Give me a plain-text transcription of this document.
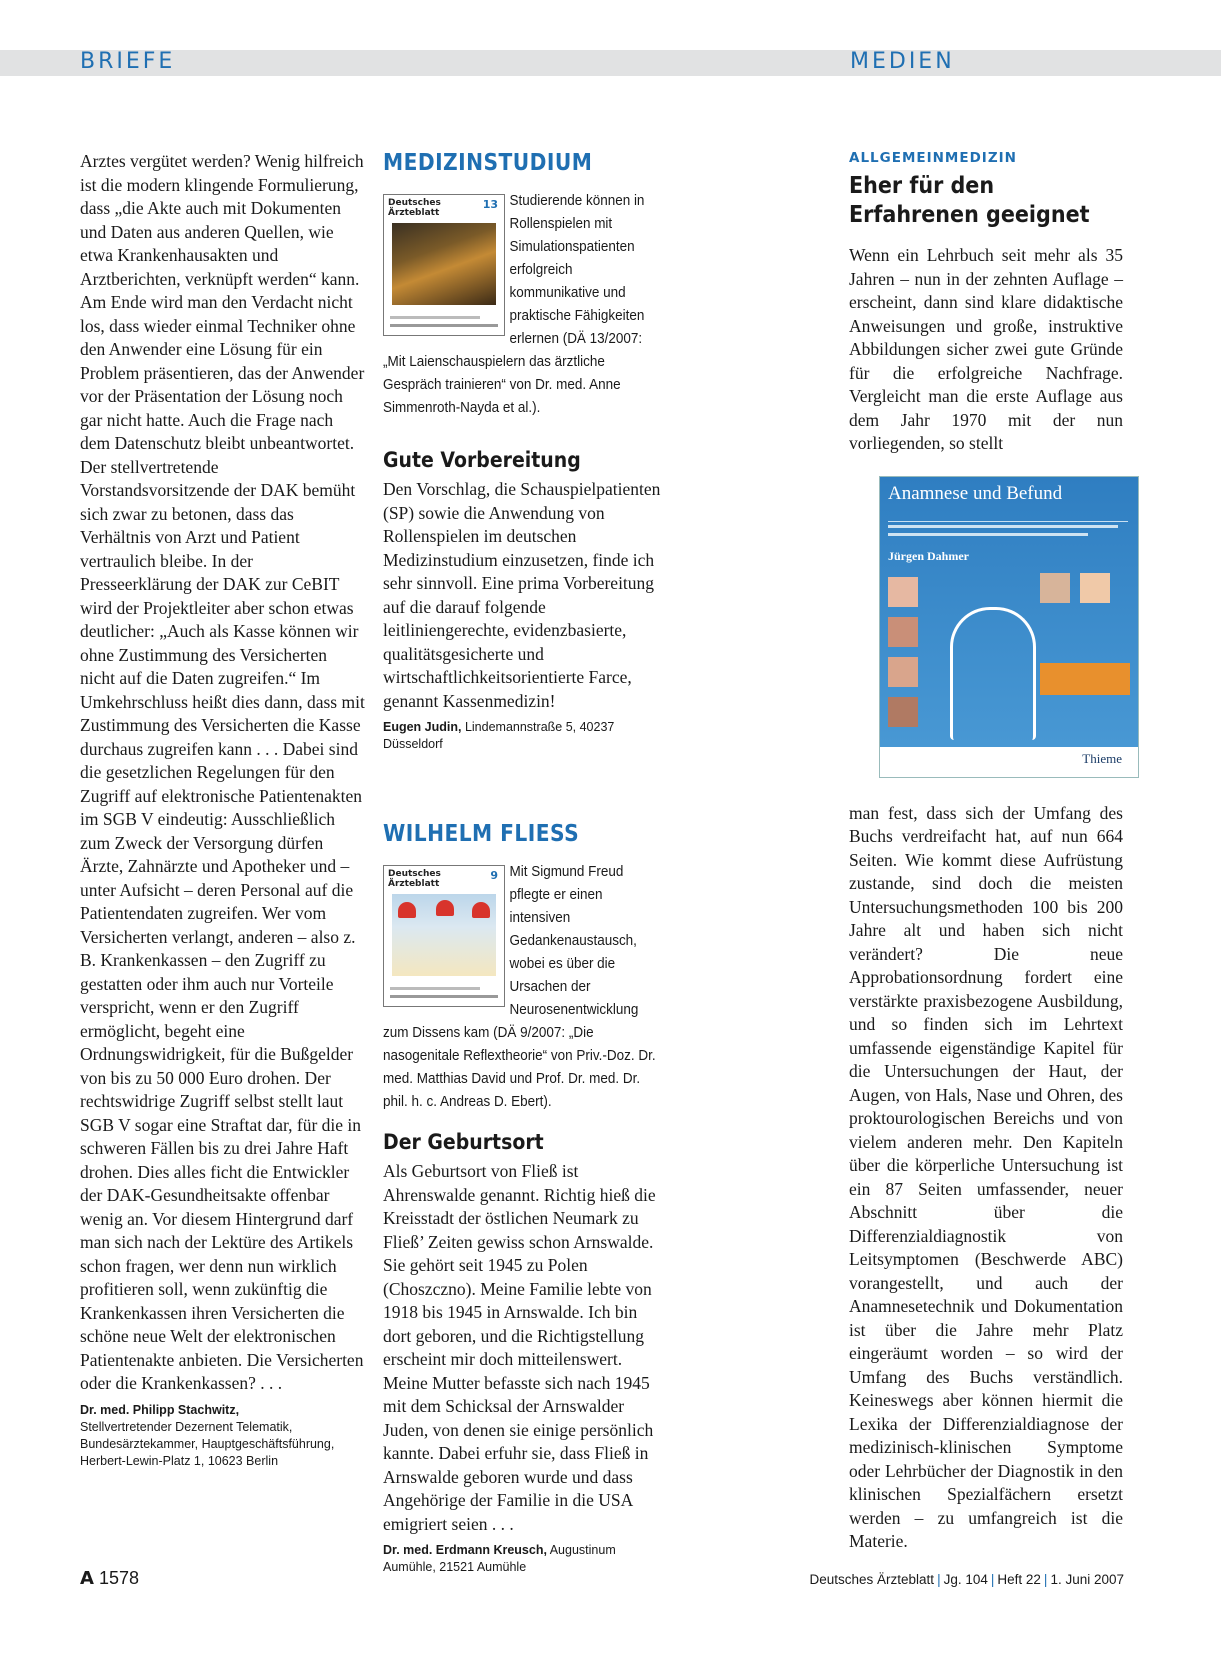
BRIEFE	MEDIEN

Arztes vergütet werden? Wenig hilfreich ist die modern klingende Formulierung, dass „die Akte auch mit Dokumenten und Daten aus anderen Quellen, wie etwa Krankenhausakten und Arztberichten, verknüpft werden“ kann. Am Ende wird man den Verdacht nicht los, dass wieder einmal Techniker ohne den Anwender eine Lösung für ein Problem präsentieren, das der Anwender vor der Präsentation der Lösung noch gar nicht hatte. Auch die Frage nach dem Datenschutz bleibt unbeantwortet. Der stellvertretende Vorstandsvorsitzende der DAK bemüht sich zwar zu betonen, dass das Verhältnis von Arzt und Patient vertraulich bleibe. In der Presseerklärung der DAK zur CeBIT wird der Projektleiter aber schon etwas deutlicher: „Auch als Kasse können wir ohne Zustimmung des Versicherten nicht auf die Daten zugreifen.“ Im Umkehrschluss heißt dies dann, dass mit Zustimmung des Versicherten die Kasse durchaus zugreifen kann . . . Dabei sind die gesetzlichen Regelungen für den Zugriff auf elektronische Patientenakten im SGB V eindeutig: Ausschließlich zum Zweck der Versorgung dürfen Ärzte, Zahnärzte und Apotheker und – unter Aufsicht – deren Personal auf die Patientendaten zugreifen. Wer vom Versicherten verlangt, anderen – also z. B. Krankenkassen – den Zugriff zu gestatten oder ihm auch nur Vorteile verspricht, wenn er den Zugriff ermöglicht, begeht eine Ordnungswidrigkeit, für die Bußgelder von bis zu 50 000 Euro drohen. Der rechtswidrige Zugriff selbst stellt laut SGB V sogar eine Straftat dar, für die in schweren Fällen bis zu drei Jahre Haft drohen. Dies alles ficht die Entwickler der DAK-Gesundheitsakte offenbar wenig an. Vor diesem Hintergrund darf man sich nach der Lektüre des Artikels schon fragen, wer denn nun wirklich profitieren soll, wenn zukünftig die Krankenkassen ihren Versicherten die schöne neue Welt der elektronischen Patientenakte anbieten. Die Versicherten oder die Krankenkassen? . . .

Dr. med. Philipp Stachwitz,

Stellvertretender Dezernent Telematik,

Bundesärztekammer, Hauptgeschäftsführung,

Herbert-Lewin-Platz 1, 10623 Berlin

MEDIZINSTUDIUM
Deutsches Ärzteblatt
13 Studierende können in Rollenspielen mit Simulationspatienten erfolgreich kommunikative und praktische Fähigkeiten erlernen (DÄ 13/2007: „Mit Laienschauspielern das ärztliche Gespräch trainieren“ von Dr. med. Anne Simmenroth-Nayda et al.).

Gute Vorbereitung

Den Vorschlag, die Schauspielpatienten (SP) sowie die Anwendung von Rollenspielen im deutschen Medizinstudium einzusetzen, finde ich sehr sinnvoll. Eine prima Vorbereitung auf die darauf folgende leitliniengerechte, evidenzbasierte, qualitätsgesicherte und wirtschaftlichkeitsorientierte Farce, genannt Kassenmedizin!

Eugen Judin, Lindemannstraße 5, 40237 Düsseldorf

WILHELM FLIESS
Deutsches Ärzteblatt
9 Mit Sigmund Freud pflegte er einen intensiven Gedankenaustausch, wobei es über die Ursachen der Neurosenentwicklung zum Dissens kam (DÄ 9/2007: „Die nasogenitale Reflextheorie“ von Priv.-Doz. Dr. med. Matthias David und Prof. Dr. med. Dr. phil. h. c. Andreas D. Ebert).

Der Geburtsort

Als Geburtsort von Fließ ist Ahrenswalde genannt. Richtig hieß die Kreisstadt der östlichen Neumark zu Fließ’ Zeiten gewiss schon Arnswalde. Sie gehört seit 1945 zu Polen (Choszczno). Meine Familie lebte von 1918 bis 1945 in Arnswalde. Ich bin dort geboren, und die Richtigstellung erscheint mir doch mitteilenswert. Meine Mutter befasste sich nach 1945 mit dem Schicksal der Arnswalder Juden, von denen sie einige persönlich kannte. Dabei erfuhr sie, dass Fließ in Arnswalde geboren wurde und dass Angehörige der Familie in die USA emigriert seien . . .

Dr. med. Erdmann Kreusch, Augustinum Aumühle, 21521 Aumühle

ALLGEMEINMEDIZIN
Eher für den Erfahrenen geeignet

Wenn ein Lehrbuch seit mehr als 35 Jahren – nun in der zehnten Auflage – erscheint, dann sind klare didaktische Anweisungen und große, instruktive Abbildungen sicher zwei gute Gründe für die erfolgreiche Nachfrage. Vergleicht man die erste Auflage aus dem Jahr 1970 mit der nun vorliegenden, so stellt

Anamnese und Befund
Jürgen Dahmer
Thieme

man fest, dass sich der Umfang des Buchs verdreifacht hat, auf nun 664 Seiten. Wie kommt diese Aufrüstung zustande, sind doch die meisten Untersuchungsmethoden 100 bis 200 Jahre alt und haben sich nicht verändert? Die neue Approbationsordnung fordert eine verstärkte praxisbezogene Ausbildung, und so finden sich im Lehrtext umfassende eigenständige Kapitel für die Untersuchungen der Haut, der Augen, von Hals, Nase und Ohren, des proktourologischen Bereichs und von vielem anderen mehr. Den Kapiteln über die körperliche Untersuchung ist ein 87 Seiten umfassender, neuer Abschnitt über die Differenzialdiagnostik von Leitsymptomen (Beschwerde ABC) vorangestellt, und auch der Anamnesetechnik und Dokumentation ist über die Jahre mehr Platz eingeräumt worden – so wird der Umfang des Buchs verständlich. Keineswegs aber können hiermit die Lexika der Differenzialdiagnose der medizinisch-klinischen Symptome oder Lehrbücher der Diagnostik in den klinischen Spezialfächern ersetzt werden – zu umfangreich ist die Materie.

A 1578	Deutsches Ärzteblatt | Jg. 104 | Heft 22 | 1. Juni 2007
